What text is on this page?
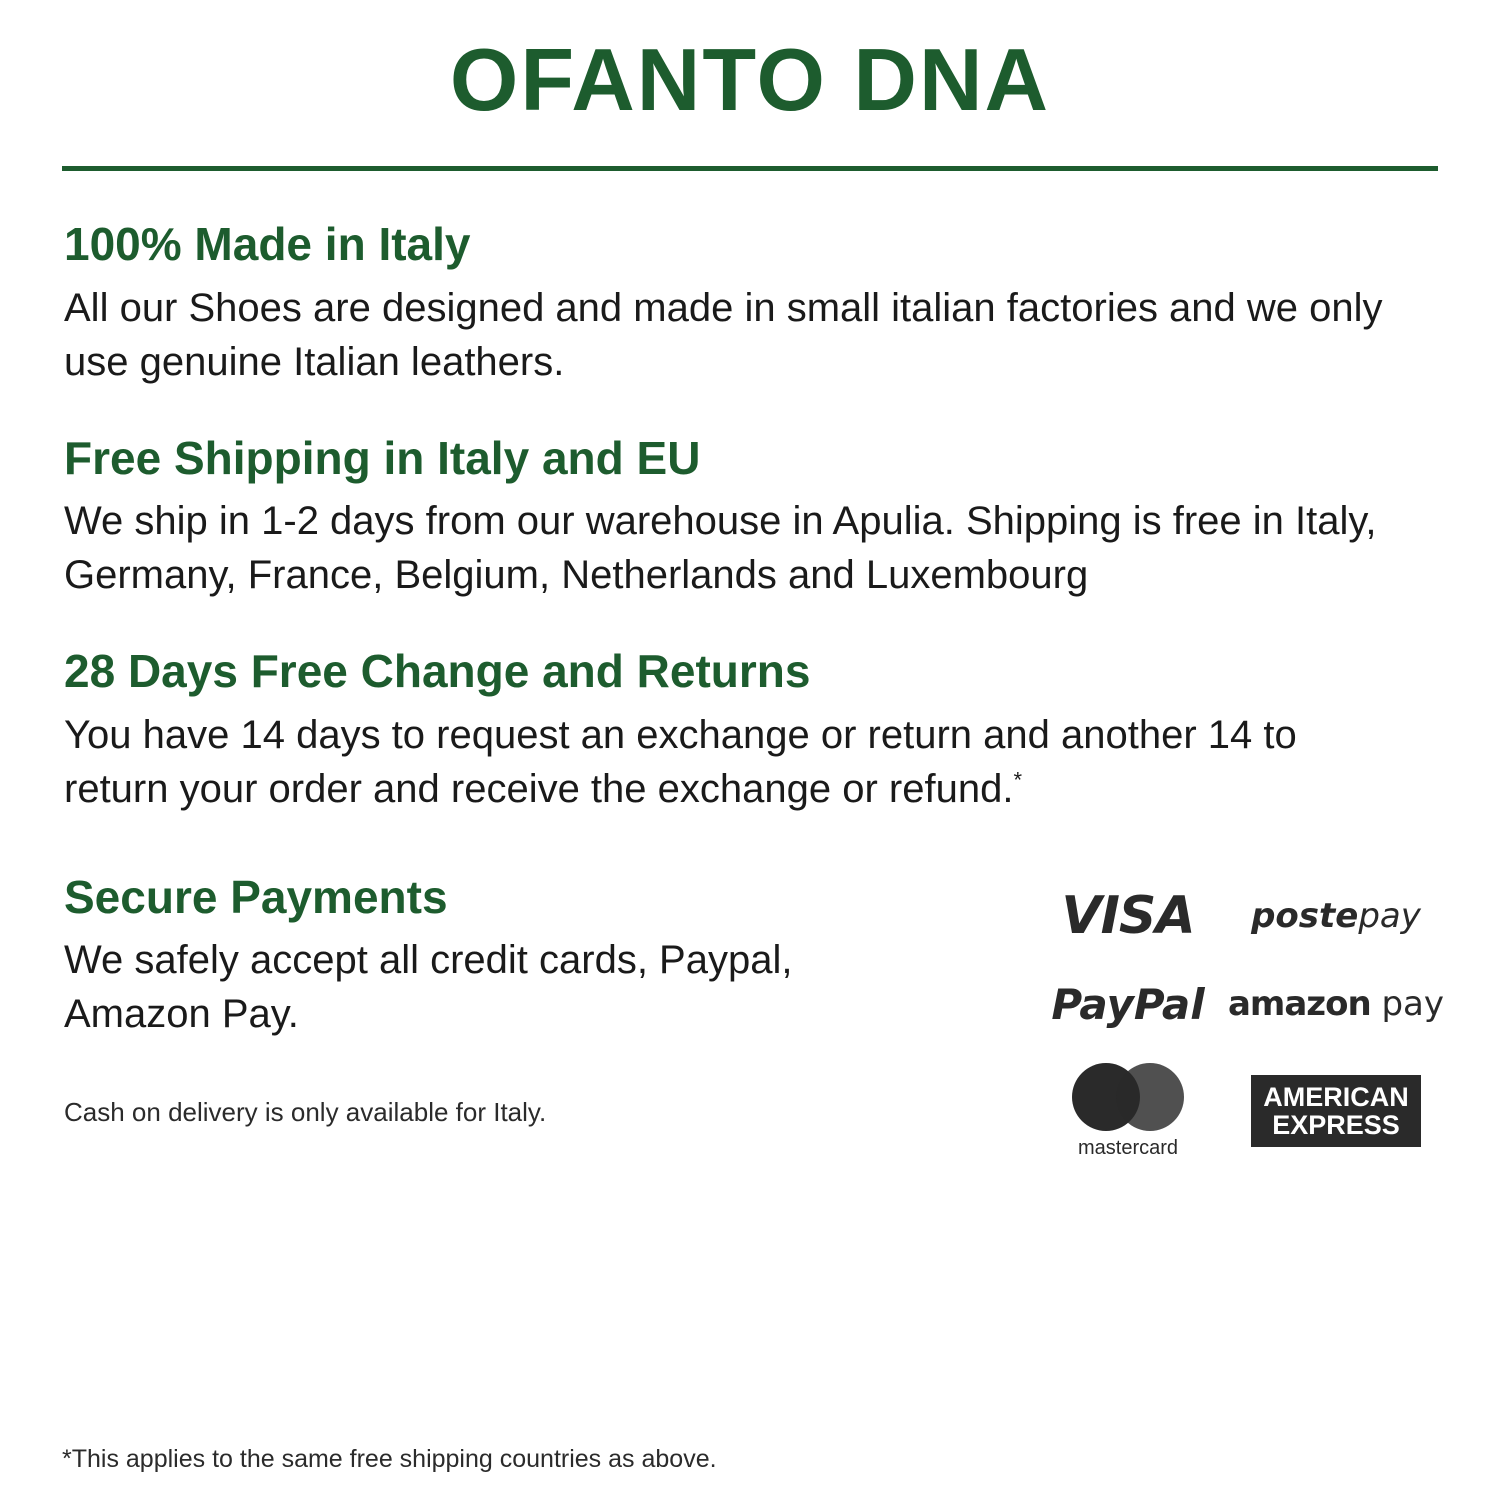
OFANTO DNA
100% Made in Italy

All our Shoes are designed and made in small italian factories and we only use genuine Italian leathers.

Free Shipping in Italy and EU

We ship in 1-2 days from our warehouse in Apulia. Shipping is free in Italy, Germany, France, Belgium, Netherlands and Luxembourg

28 Days Free Change and Returns

You have 14 days to request an exchange or return and another 14 to return your order and receive the exchange or refund.*

Secure Payments

We safely accept all credit cards, Paypal, Amazon Pay.

Cash on delivery is only available for Italy.

VISA postepay
PayPal amazon pay
mastercard
AMERICAN
EXPRESS
*This applies to the same free shipping countries as above.
